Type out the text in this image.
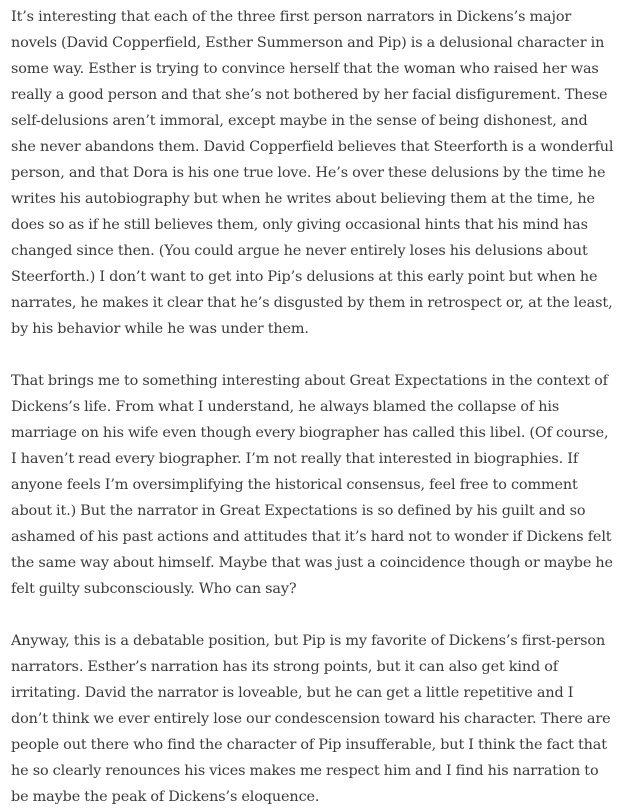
It’s interesting that each of the three first person narrators in Dickens’s major novels (David Copperfield, Esther Summerson and Pip) is a delusional character in some way. Esther is trying to convince herself that the woman who raised her was really a good person and that she’s not bothered by her facial disfigurement. These self-delusions aren’t immoral, except maybe in the sense of being dishonest, and she never abandons them. David Copperfield believes that Steerforth is a wonderful person, and that Dora is his one true love. He’s over these delusions by the time he writes his autobiography but when he writes about believing them at the time, he does so as if he still believes them, only giving occasional hints that his mind has changed since then. (You could argue he never entirely loses his delusions about Steerforth.) I don’t want to get into Pip’s delusions at this early point but when he narrates, he makes it clear that he’s disgusted by them in retrospect or, at the least, by his behavior while he was under them.

That brings me to something interesting about Great Expectations in the context of Dickens’s life. From what I understand, he always blamed the collapse of his marriage on his wife even though every biographer has called this libel. (Of course, I haven’t read every biographer. I’m not really that interested in biographies. If anyone feels I’m oversimplifying the historical consensus, feel free to comment about it.) But the narrator in Great Expectations is so defined by his guilt and so ashamed of his past actions and attitudes that it’s hard not to wonder if Dickens felt the same way about himself. Maybe that was just a coincidence though or maybe he felt guilty subconsciously. Who can say?

Anyway, this is a debatable position, but Pip is my favorite of Dickens’s first-person narrators. Esther’s narration has its strong points, but it can also get kind of irritating. David the narrator is loveable, but he can get a little repetitive and I don’t think we ever entirely lose our condescension toward his character. There are people out there who find the character of Pip insufferable, but I think the fact that he so clearly renounces his vices makes me respect him and I find his narration to be maybe the peak of Dickens’s eloquence.
